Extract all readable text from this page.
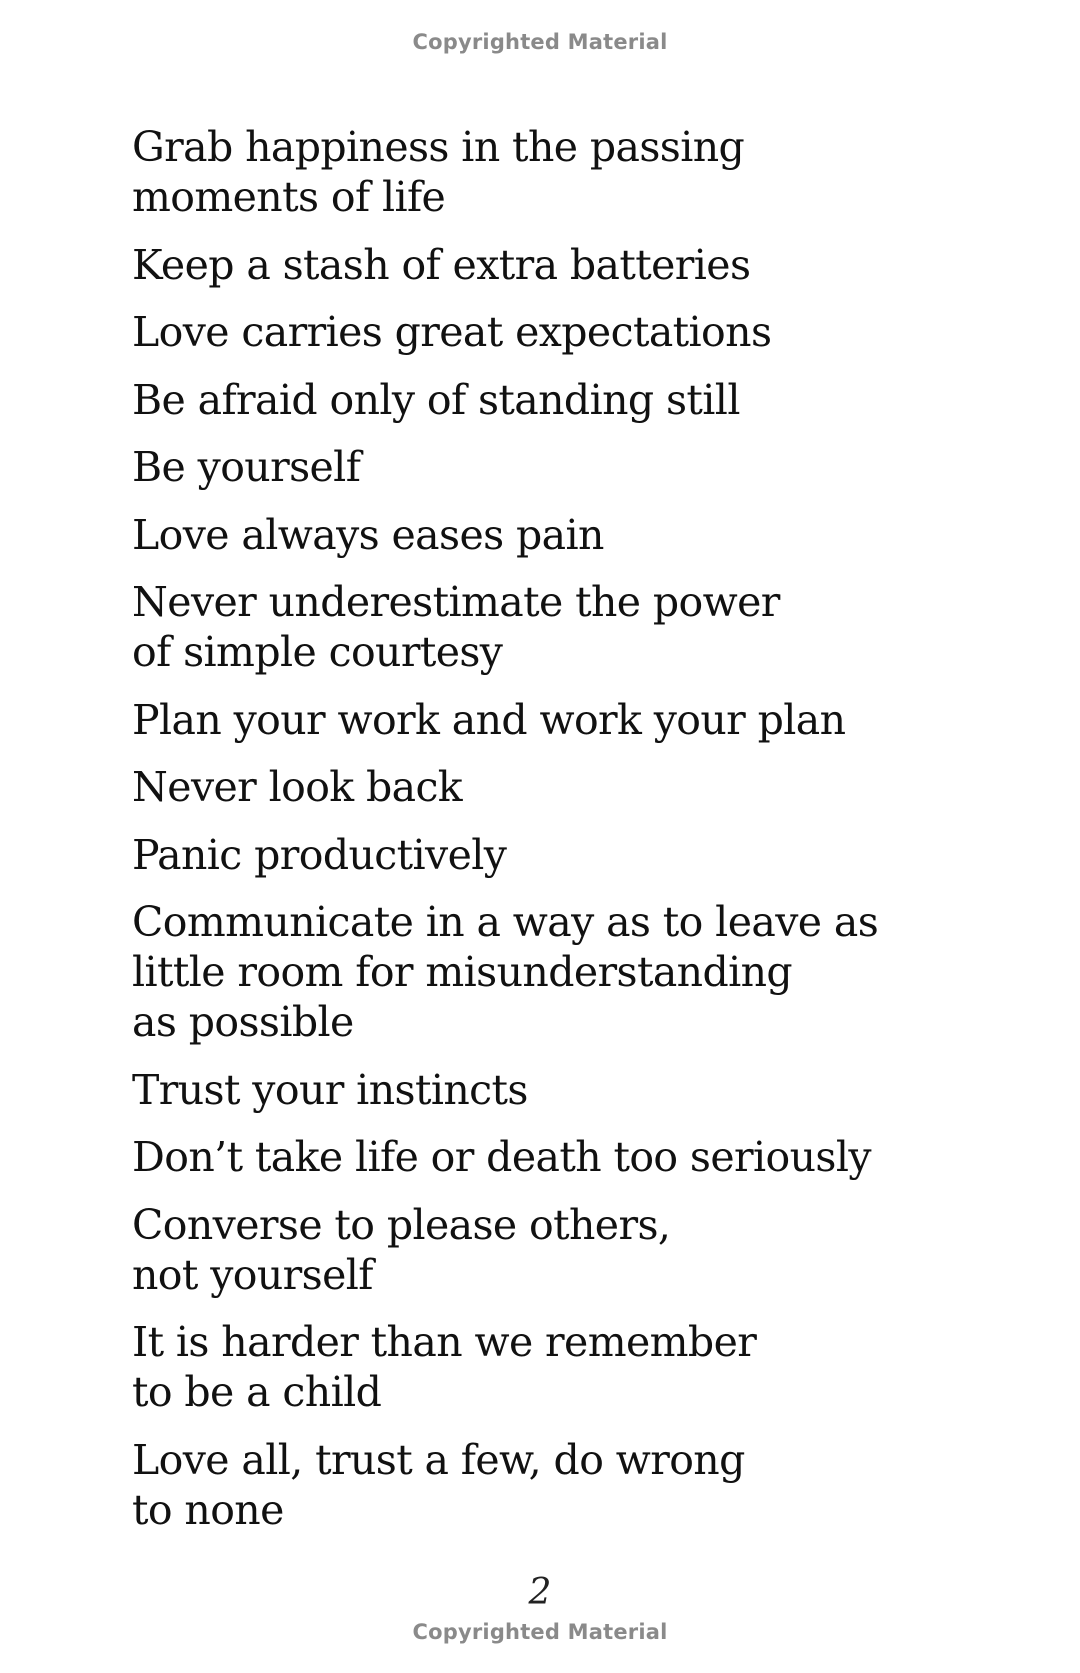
Copyrighted Material
Grab happiness in the passing
moments of life
Keep a stash of extra batteries
Love carries great expectations
Be afraid only of standing still
Be yourself
Love always eases pain
Never underestimate the power
of simple courtesy
Plan your work and work your plan
Never look back
Panic productively
Communicate in a way as to leave as
little room for misunderstanding
as possible
Trust your instincts
Don’t take life or death too seriously
Converse to please others,
not yourself
It is harder than we remember
to be a child
Love all, trust a few, do wrong
to none
2
Copyrighted Material
